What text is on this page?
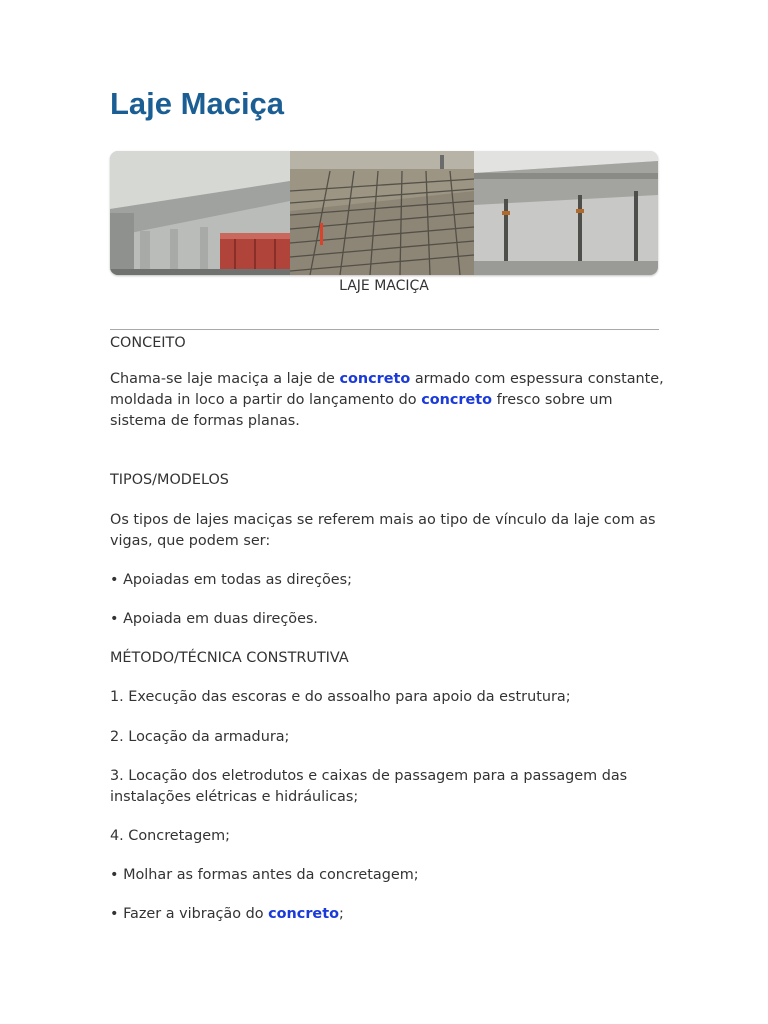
Laje Maciça
LAJE MACIÇA

CONCEITO

Chama-se laje maciça a laje de concreto armado com espessura constante, moldada in loco a partir do lançamento do concreto fresco sobre um sistema de formas planas.

TIPOS/MODELOS

Os tipos de lajes maciças se referem mais ao tipo de vínculo da laje com as vigas, que podem ser:

• Apoiadas em todas as direções;

• Apoiada em duas direções.

MÉTODO/TÉCNICA CONSTRUTIVA

1. Execução das escoras e do assoalho para apoio da estrutura;

2. Locação da armadura;

3. Locação dos eletrodutos e caixas de passagem para a passagem das instalações elétricas e hidráulicas;

4. Concretagem;

• Molhar as formas antes da concretagem;

• Fazer a vibração do concreto;
